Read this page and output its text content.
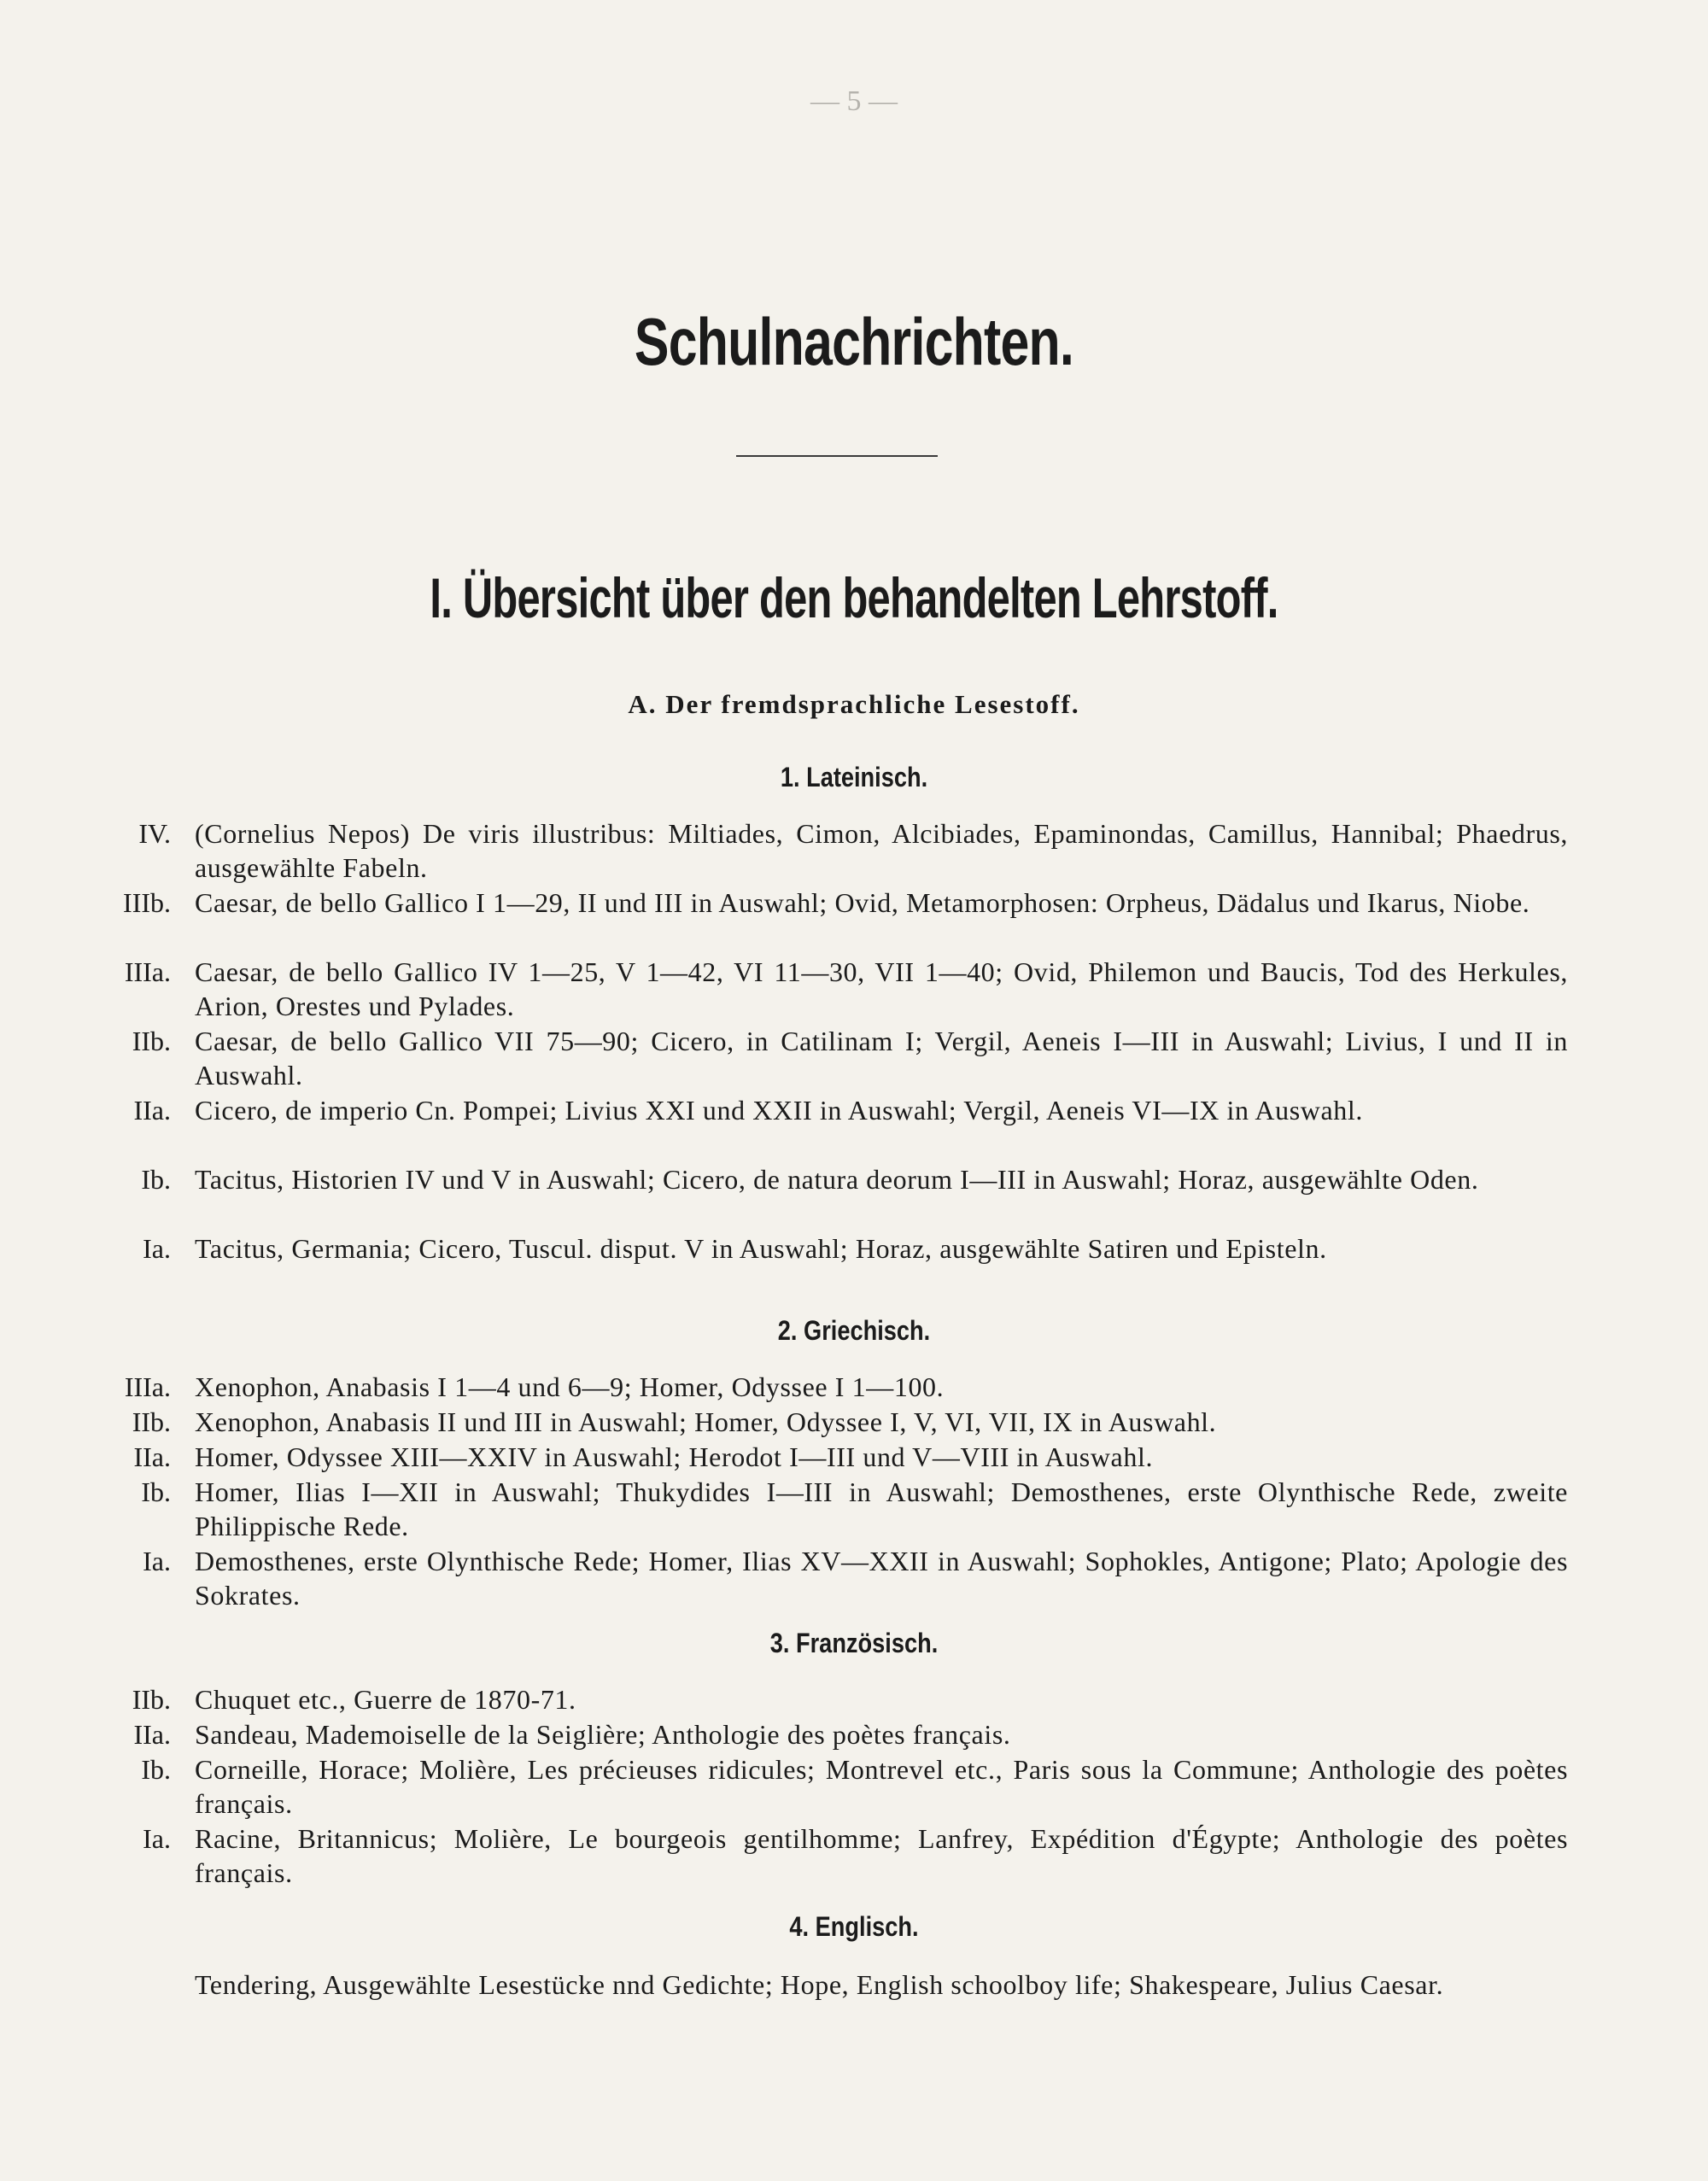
— 5 —
Schulnachrichten.
I. Übersicht über den behandelten Lehrstoff.
A. Der fremdsprachliche Lesestoff.
1. Lateinisch.
IV. (Cornelius Nepos) De viris illustribus: Miltiades, Cimon, Alcibiades, Epaminondas, Camillus, Hannibal; Phaedrus, ausgewählte Fabeln.
IIIb. Caesar, de bello Gallico I 1—29, II und III in Auswahl; Ovid, Metamorphosen: Orpheus, Dädalus und Ikarus, Niobe.
IIIa. Caesar, de bello Gallico IV 1—25, V 1—42, VI 11—30, VII 1—40; Ovid, Philemon und Baucis, Tod des Herkules, Arion, Orestes und Pylades.
IIb. Caesar, de bello Gallico VII 75—90; Cicero, in Catilinam I; Vergil, Aeneis I—III in Auswahl; Livius, I und II in Auswahl.
IIa. Cicero, de imperio Cn. Pompei; Livius XXI und XXII in Auswahl; Vergil, Aeneis VI—IX in Auswahl.
Ib. Tacitus, Historien IV und V in Auswahl; Cicero, de natura deorum I—III in Auswahl; Horaz, ausgewählte Oden.
Ia. Tacitus, Germania; Cicero, Tuscul. disput. V in Auswahl; Horaz, ausgewählte Satiren und Episteln.
2. Griechisch.
IIIa. Xenophon, Anabasis I 1—4 und 6—9; Homer, Odyssee I 1—100.
IIb. Xenophon, Anabasis II und III in Auswahl; Homer, Odyssee I, V, VI, VII, IX in Auswahl.
IIa. Homer, Odyssee XIII—XXIV in Auswahl; Herodot I—III und V—VIII in Auswahl.
Ib. Homer, Ilias I—XII in Auswahl; Thukydides I—III in Auswahl; Demosthenes, erste Olynthische Rede, zweite Philippische Rede.
Ia. Demosthenes, erste Olynthische Rede; Homer, Ilias XV—XXII in Auswahl; Sophokles, Antigone; Plato; Apologie des Sokrates.
3. Französisch.
IIb. Chuquet etc., Guerre de 1870-71.
IIa. Sandeau, Mademoiselle de la Seiglière; Anthologie des poètes français.
Ib. Corneille, Horace; Molière, Les précieuses ridicules; Montrevel etc., Paris sous la Commune; Anthologie des poètes français.
Ia. Racine, Britannicus; Molière, Le bourgeois gentilhomme; Lanfrey, Expédition d'Égypte; Anthologie des poètes français.
4. Englisch.
Tendering, Ausgewählte Lesestücke nnd Gedichte; Hope, English schoolboy life; Shakespeare, Julius Caesar.
